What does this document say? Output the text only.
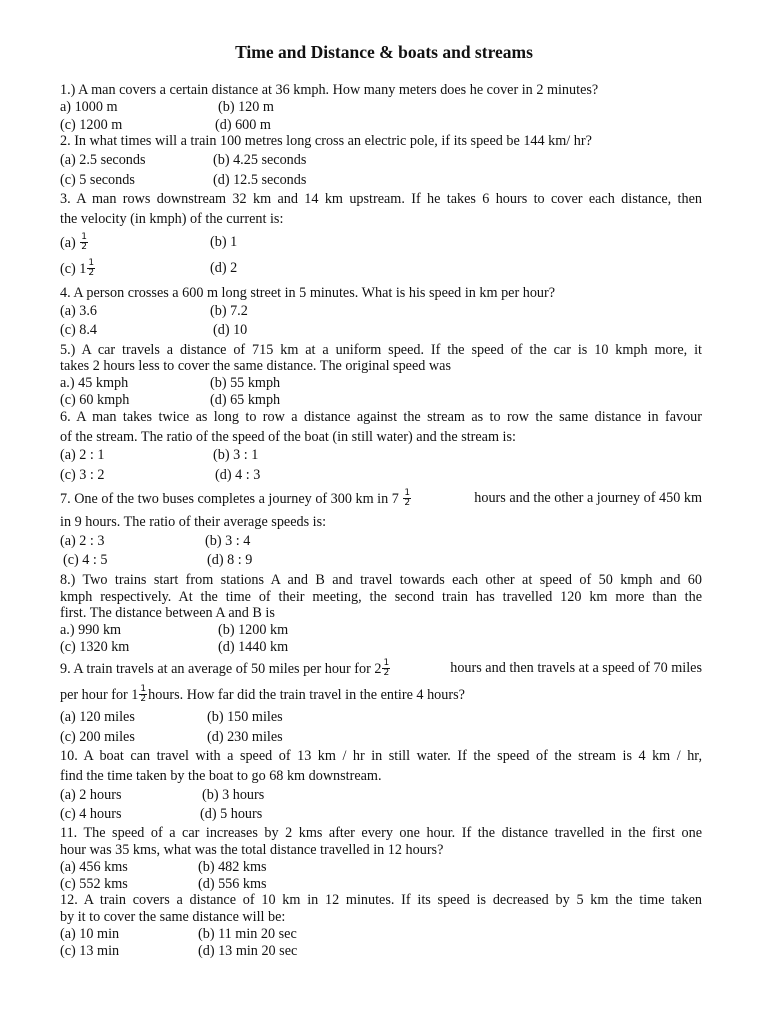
Time and Distance & boats and streams
1.) A man covers a certain distance at 36 kmph. How many meters does he cover in 2 minutes?
a) 1000 m	(b) 120 m
(c) 1200 m	(d) 600 m
2. In what times will a train 100 metres long cross an electric pole, if its speed be 144 km/ hr?
(a) 2.5 seconds	(b) 4.25 seconds
(c) 5 seconds	(d) 12.5 seconds
3. A man rows downstream 32 km and 14 km upstream. If he takes 6 hours to cover each distance, then
the velocity (in kmph) of the current is:
$(a) \frac{1}{2}$	(b) 1
(c) $1 \frac{1}{2}$	(d) 2
4. A person crosses a 600 m long street in 5 minutes. What is his speed in km per hour?
(a) 3.6	(b) 7.2
(c) 8.4	(d) 10
5.) A car travels a distance of 715 km at a uniform speed. If the speed of the car is 10 kmph more, it
takes 2 hours less to cover the same distance. The original speed was
a.) 45 kmph	(b) 55 kmph
(c) 60 kmph	(d) 65 kmph
6. A man takes twice as long to row a distance against the stream as to row the same distance in favour
of the stream. The ratio of the speed of the boat (in still water) and the stream is:
(a) 2 : 1	(b) 3 : 1
(c) 3 : 2	(d) 4 : 3
7. One of the two buses completes a journey of 300 km in $7 \frac{1}{2}$	hours and the other a journey of 450 km
in 9 hours. The ratio of their average speeds is:
(a) 2 : 3	(b) 3 : 4
(c) 4 : 5	(d) 8 : 9
8.) Two trains start from stations A and B and travel towards each other at speed of 50 kmph and 60
kmph respectively. At the time of their meeting, the second train has travelled 120 km more than the
first. The distance between A and B is
a.) 990 km	(b) 1200 km
(c) 1320 km	(d) 1440 km
9. A train travels at an average of 50 miles per hour for $2 \frac{1}{2}$	hours and then travels at a speed of 70 miles
per hour for $1 \frac{1}{2}$ hours. How far did the train travel in the entire 4 hours?
(a) 120 miles	(b) 150 miles
(c) 200 miles	(d) 230 miles
10. A boat can travel with a speed of 13 km / hr in still water. If the speed of the stream is 4 km / hr,
find the time taken by the boat to go 68 km downstream.
(a) 2 hours	(b) 3 hours
(c) 4 hours	(d) 5 hours
11. The speed of a car increases by 2 kms after every one hour. If the distance travelled in the first one
hour was 35 kms, what was the total distance travelled in 12 hours?
(a) 456 kms	(b) 482 kms
(c) 552 kms	(d) 556 kms
12. A train covers a distance of 10 km in 12 minutes. If its speed is decreased by 5 km the time taken
by it to cover the same distance will be:
(a) 10 min	(b) 11 min 20 sec
(c) 13 min	(d) 13 min 20 sec
